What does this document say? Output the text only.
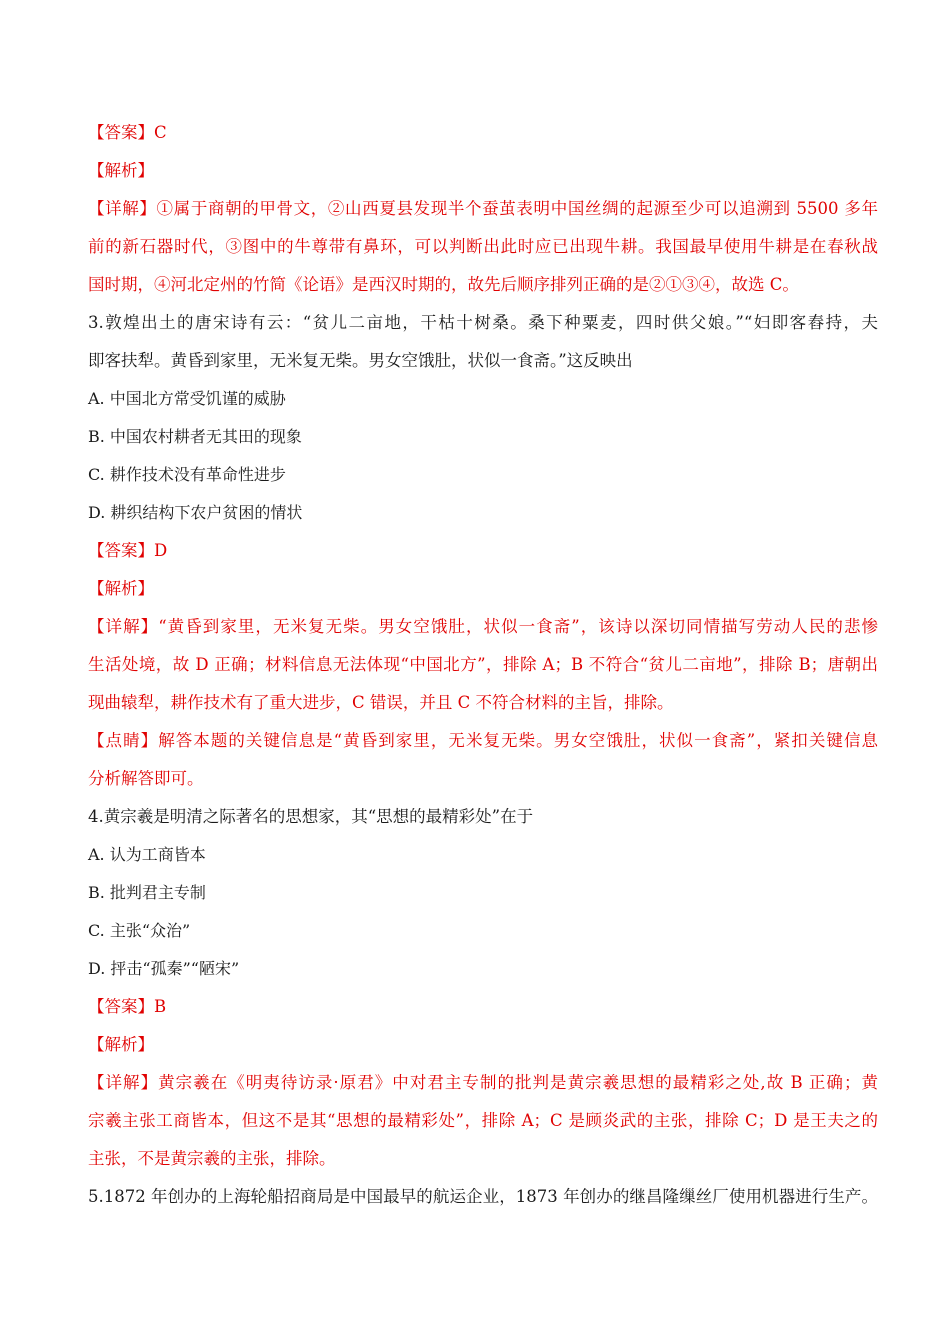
【答案】C
【解析】
【详解】①属于商朝的甲骨文，②山西夏县发现半个蚕茧表明中国丝绸的起源至少可以追溯到 5500 多年
前的新石器时代，③图中的牛尊带有鼻环，可以判断出此时应已出现牛耕。我国最早使用牛耕是在春秋战
国时期，④河北定州的竹简《论语》是西汉时期的，故先后顺序排列正确的是②①③④，故选 C。
3.敦煌出土的唐宋诗有云：“贫儿二亩地，干枯十树桑。桑下种粟麦，四时供父娘。”“妇即客舂持，夫
即客扶犁。黄昏到家里，无米复无柴。男女空饿肚，状似一食斋。”这反映出
A. 中国北方常受饥谨的威胁
B. 中国农村耕者无其田的现象
C. 耕作技术没有革命性进步
D. 耕织结构下农户贫困的情状
【答案】D
【解析】
【详解】“黄昏到家里，无米复无柴。男女空饿肚，状似一食斋”，该诗以深切同情描写劳动人民的悲惨
生活处境，故 D 正确；材料信息无法体现“中国北方”，排除 A；B 不符合“贫儿二亩地”，排除 B；唐朝出
现曲辕犁，耕作技术有了重大进步，C 错误，并且 C 不符合材料的主旨，排除。
【点睛】解答本题的关键信息是“黄昏到家里，无米复无柴。男女空饿肚，状似一食斋”，紧扣关键信息
分析解答即可。
4.黄宗羲是明清之际著名的思想家，其“思想的最精彩处”在于
A. 认为工商皆本
B. 批判君主专制
C. 主张“众治”
D. 抨击“孤秦”“陋宋”
【答案】B
【解析】
【详解】黄宗羲在《明夷待访录·原君》中对君主专制的批判是黄宗羲思想的最精彩之处,故 B 正确；黄
宗羲主张工商皆本，但这不是其“思想的最精彩处”，排除 A；C 是顾炎武的主张，排除 C；D 是王夫之的
主张，不是黄宗羲的主张，排除。
5.1872 年创办的上海轮船招商局是中国最早的航运企业，1873 年创办的继昌隆缫丝厂使用机器进行生产。
